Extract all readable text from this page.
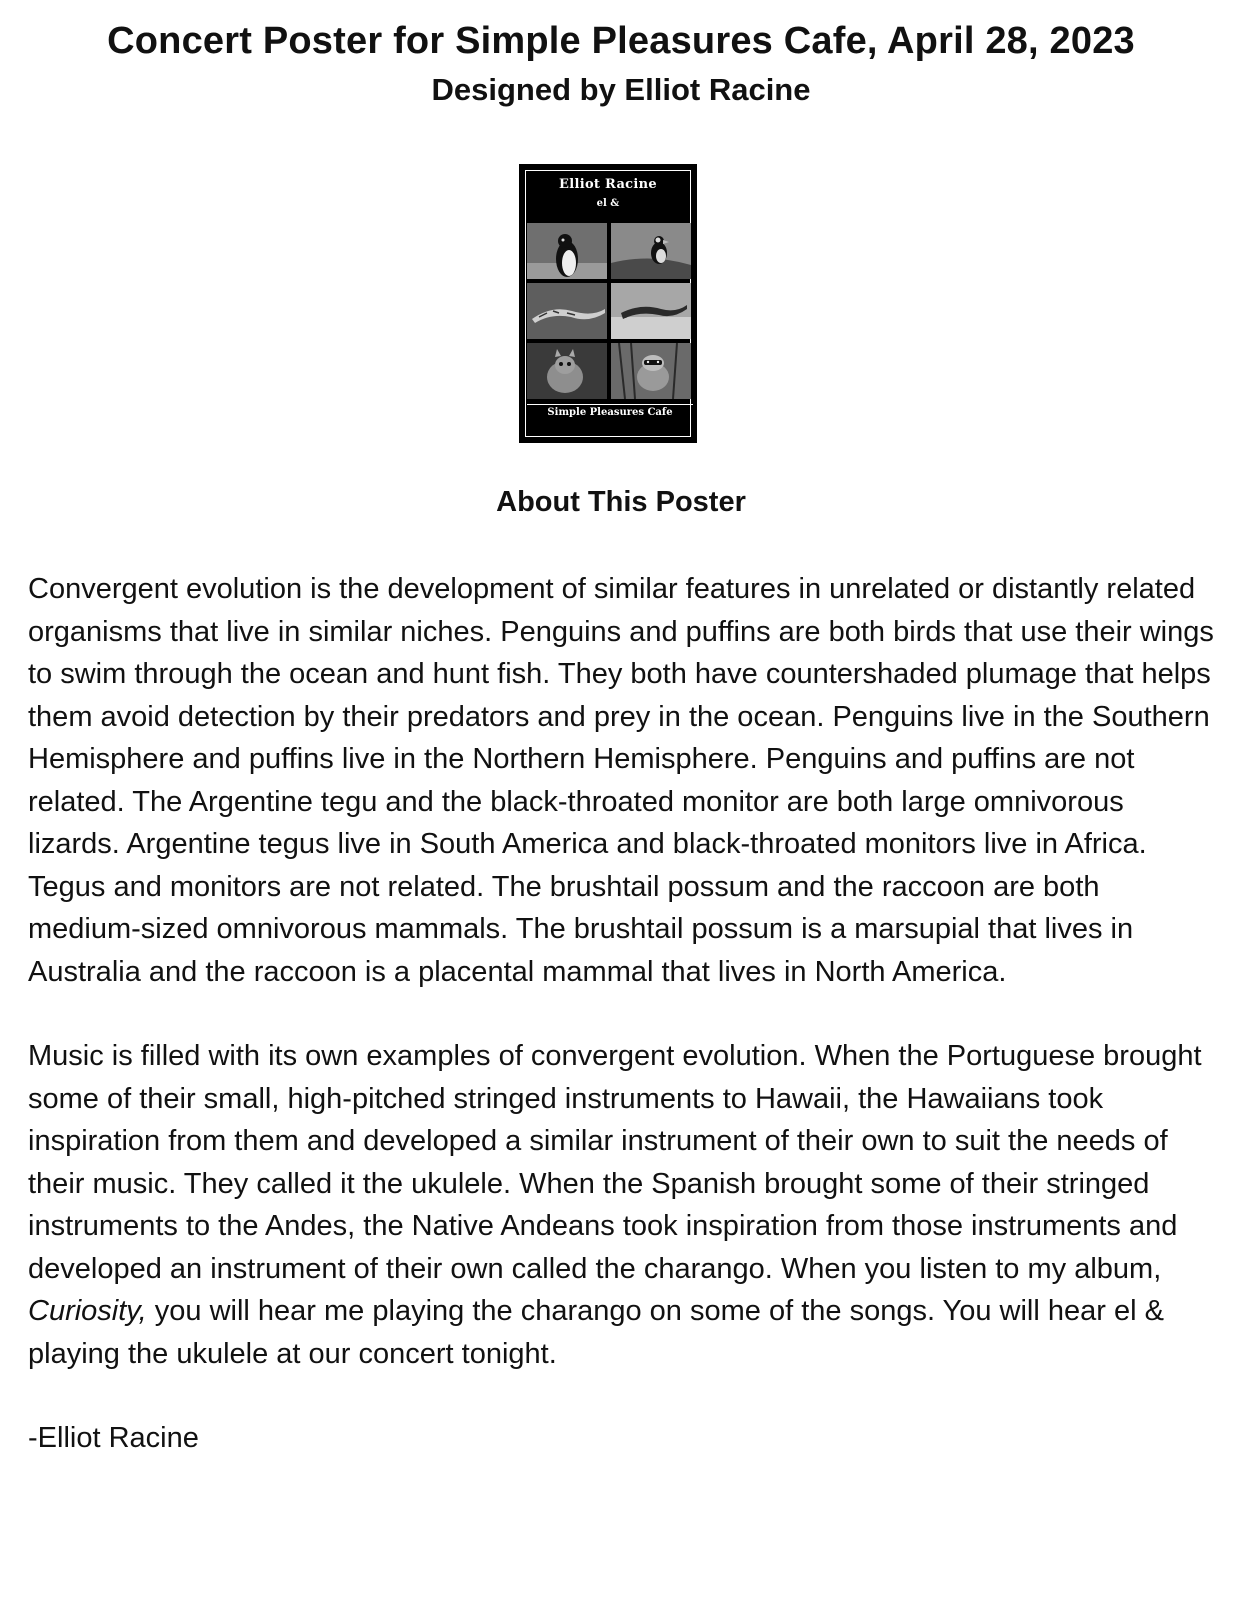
Concert Poster for Simple Pleasures Cafe, April 28, 2023
Designed by Elliot Racine
Elliot Racine
el &
Simple Pleasures Cafe

About This Poster

Convergent evolution is the development of similar features in unrelated or distantly related organisms that live in similar niches. Penguins and puffins are both birds that use their wings to swim through the ocean and hunt fish. They both have countershaded plumage that helps them avoid detection by their predators and prey in the ocean. Penguins live in the Southern Hemisphere and puffins live in the Northern Hemisphere. Penguins and puffins are not related. The Argentine tegu and the black-throated monitor are both large omnivorous lizards. Argentine tegus live in South America and black-throated monitors live in Africa. Tegus and monitors are not related. The brushtail possum and the raccoon are both medium-sized omnivorous mammals. The brushtail possum is a marsupial that lives in Australia and the raccoon is a placental mammal that lives in North America.

Music is filled with its own examples of convergent evolution. When the Portuguese brought some of their small, high-pitched stringed instruments to Hawaii, the Hawaiians took inspiration from them and developed a similar instrument of their own to suit the needs of their music. They called it the ukulele. When the Spanish brought some of their stringed instruments to the Andes, the Native Andeans took inspiration from those instruments and developed an instrument of their own called the charango. When you listen to my album, Curiosity, you will hear me playing the charango on some of the songs. You will hear el & playing the ukulele at our concert tonight.

-Elliot Racine
